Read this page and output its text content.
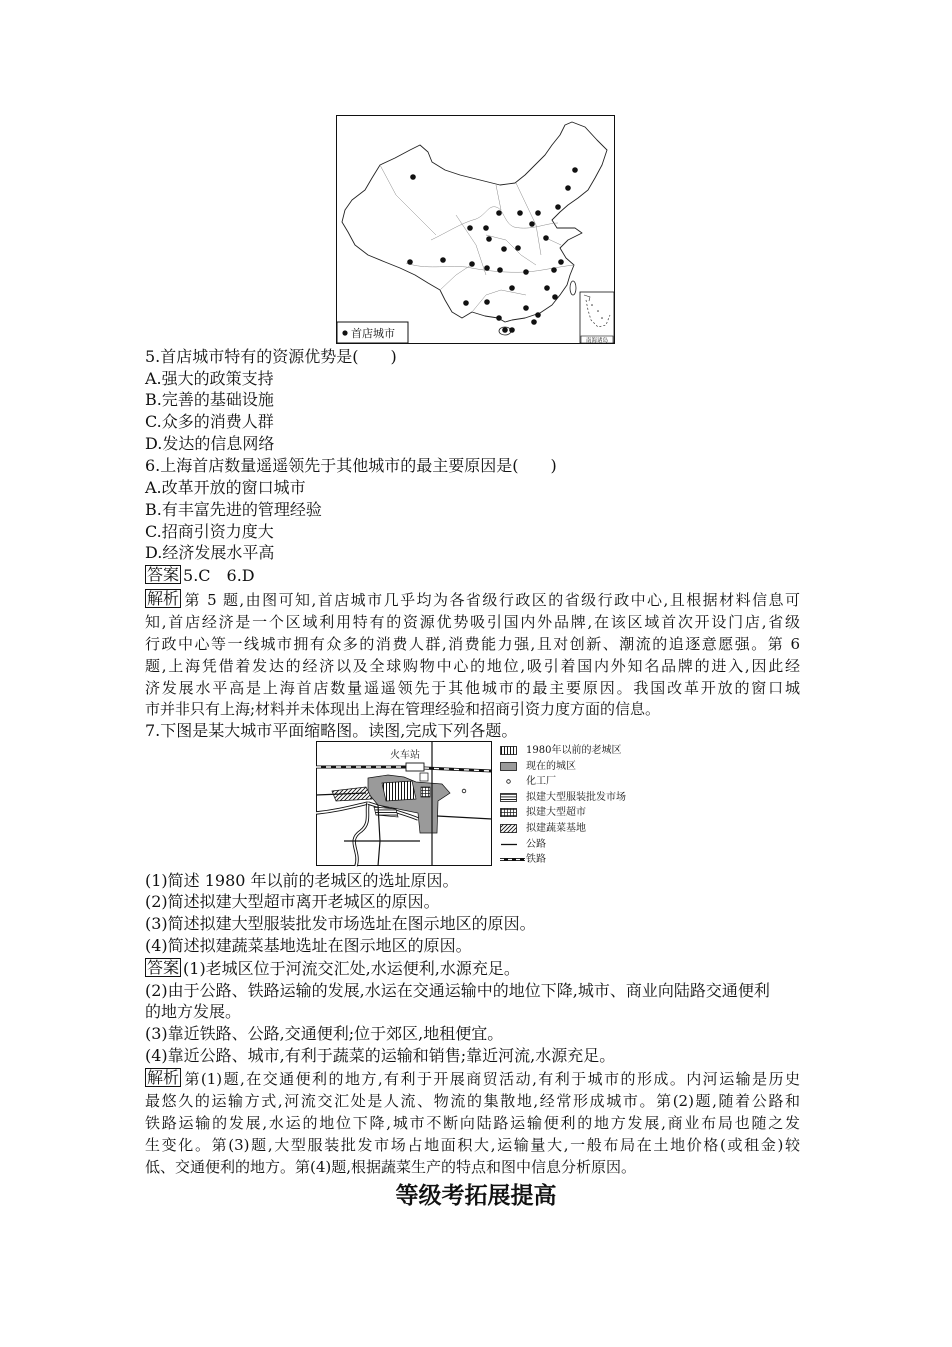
首店城市
南海诸岛
5.首店城市特有的资源优势是(　　)
A.强大的政策支持
B.完善的基础设施
C.众多的消费人群
D.发达的信息网络
6.上海首店数量遥遥领先于其他城市的最主要原因是(　　)
A.改革开放的窗口城市
B.有丰富先进的管理经验
C.招商引资力度大
D.经济发展水平高
答案 5.C　6.D
解析 第 5 题,由图可知,首店城市几乎均为各省级行政区的省级行政中心,且根据材料信息可
知,首店经济是一个区域利用特有的资源优势吸引国内外品牌,在该区域首次开设门店,省级
行政中心等一线城市拥有众多的消费人群,消费能力强,且对创新、潮流的追逐意愿强。第 6
题,上海凭借着发达的经济以及全球购物中心的地位,吸引着国内外知名品牌的进入,因此经
济发展水平高是上海首店数量遥遥领先于其他城市的最主要原因。我国改革开放的窗口城
市并非只有上海;材料并未体现出上海在管理经验和招商引资力度方面的信息。
7.下图是某大城市平面缩略图。读图,完成下列各题。
火车站	1980年以前的老城区
现在的城区
化工厂
拟建大型服装批发市场
拟建大型超市
拟建蔬菜基地
公路
铁路
(1)简述 1980 年以前的老城区的选址原因。
(2)简述拟建大型超市离开老城区的原因。
(3)简述拟建大型服装批发市场选址在图示地区的原因。
(4)简述拟建蔬菜基地选址在图示地区的原因。
答案 (1)老城区位于河流交汇处,水运便利,水源充足。
(2)由于公路、铁路运输的发展,水运在交通运输中的地位下降,城市、商业向陆路交通便利
的地方发展。
(3)靠近铁路、公路,交通便利;位于郊区,地租便宜。
(4)靠近公路、城市,有利于蔬菜的运输和销售;靠近河流,水源充足。
解析 第(1)题,在交通便利的地方,有利于开展商贸活动,有利于城市的形成。内河运输是历史
最悠久的运输方式,河流交汇处是人流、物流的集散地,经常形成城市。第(2)题,随着公路和
铁路运输的发展,水运的地位下降,城市不断向陆路运输便利的地方发展,商业布局也随之发
生变化。第(3)题,大型服装批发市场占地面积大,运输量大,一般布局在土地价格(或租金)较
低、交通便利的地方。第(4)题,根据蔬菜生产的特点和图中信息分析原因。
等级考拓展提高
